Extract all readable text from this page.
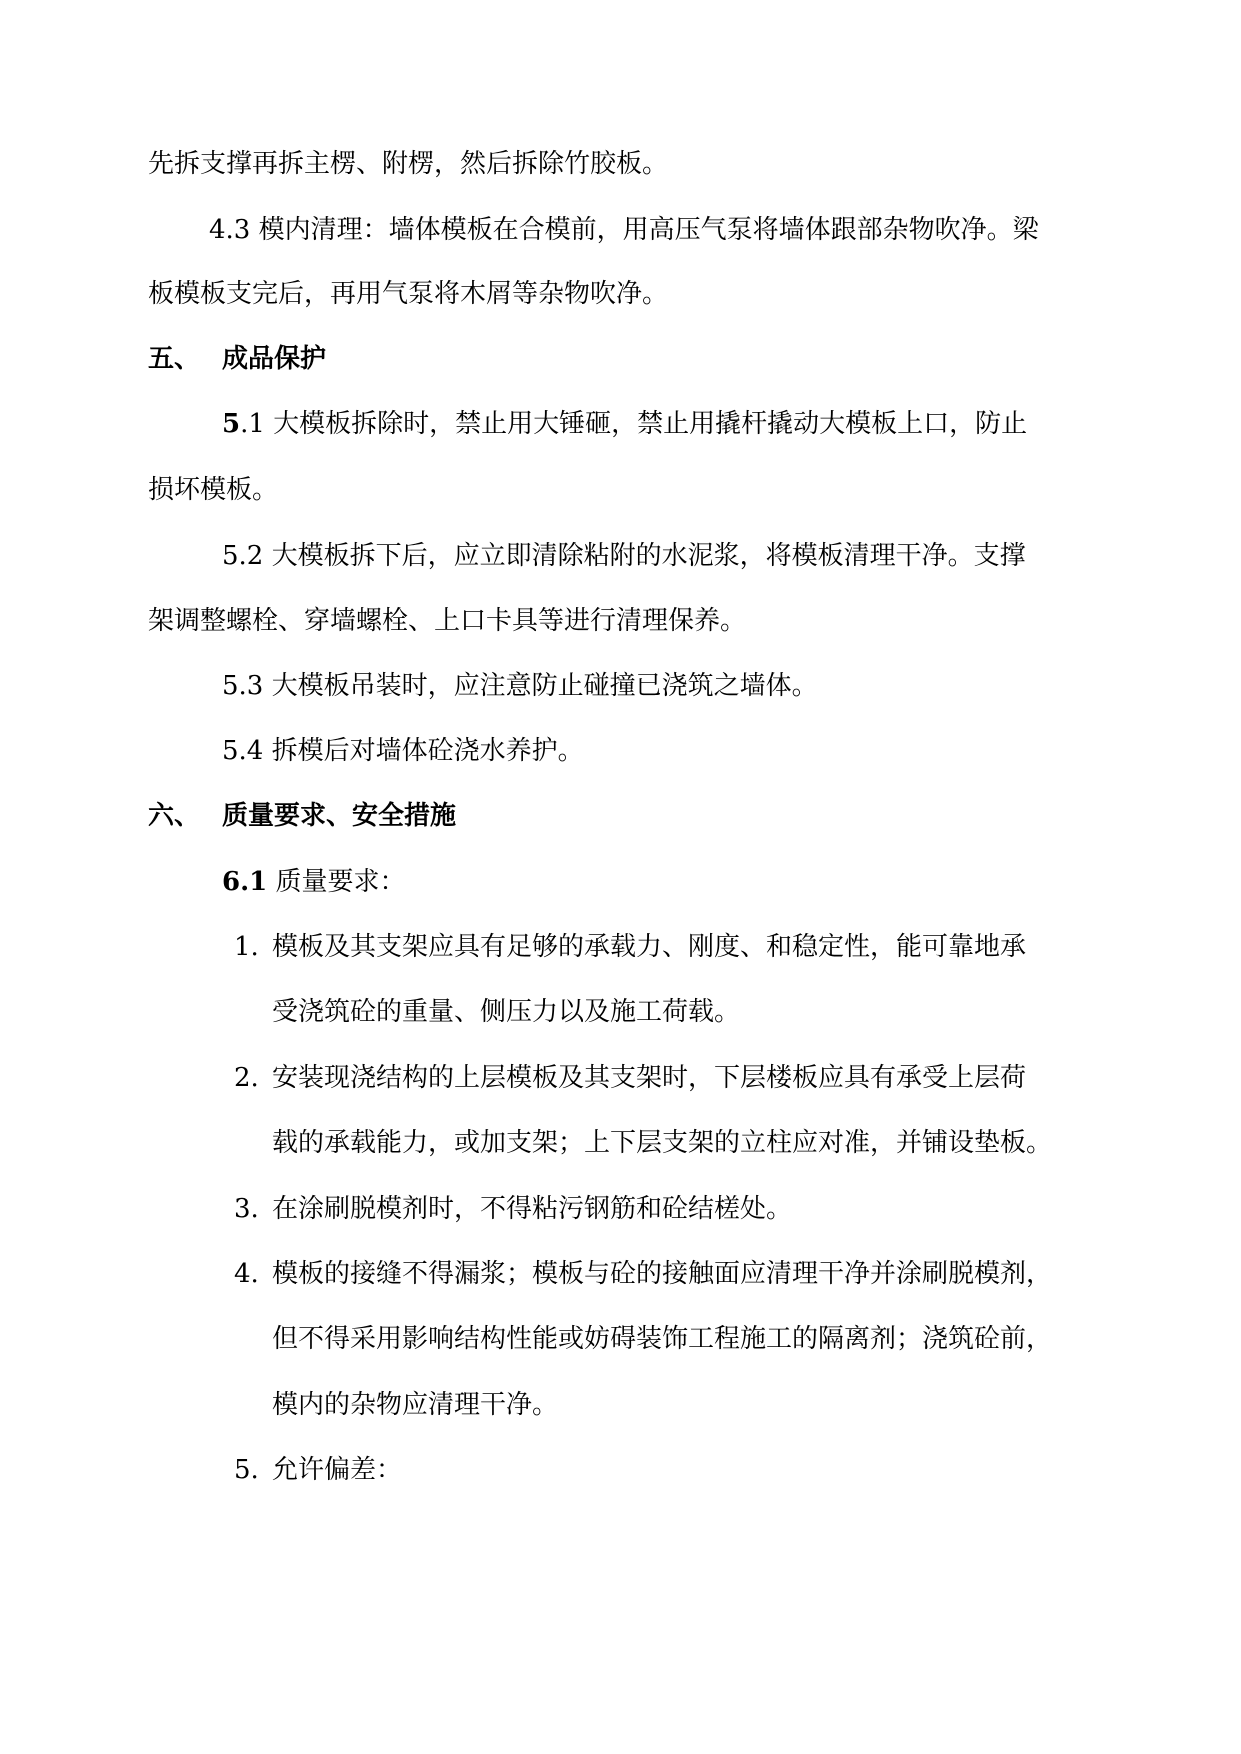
先拆支撑再拆主楞、附楞，然后拆除竹胶板。
4.3 模内清理：墙体模板在合模前，用高压气泵将墙体跟部杂物吹净。梁
板模板支完后，再用气泵将木屑等杂物吹净。
五、 成品保护
5.1 大模板拆除时，禁止用大锤砸，禁止用撬杆撬动大模板上口，防止
损坏模板。
5.2 大模板拆下后，应立即清除粘附的水泥浆，将模板清理干净。支撑
架调整螺栓、穿墙螺栓、上口卡具等进行清理保养。
5.3 大模板吊装时，应注意防止碰撞已浇筑之墙体。
5.4 拆模后对墙体砼浇水养护。
六、 质量要求、安全措施
6.1 质量要求：
1. 模板及其支架应具有足够的承载力、刚度、和稳定性，能可靠地承
受浇筑砼的重量、侧压力以及施工荷载。
2. 安装现浇结构的上层模板及其支架时，下层楼板应具有承受上层荷
载的承载能力，或加支架；上下层支架的立柱应对准，并铺设垫板。
3. 在涂刷脱模剂时，不得粘污钢筋和砼结槎处。
4. 模板的接缝不得漏浆；模板与砼的接触面应清理干净并涂刷脱模剂，
但不得采用影响结构性能或妨碍装饰工程施工的隔离剂；浇筑砼前，
模内的杂物应清理干净。
5. 允许偏差：
